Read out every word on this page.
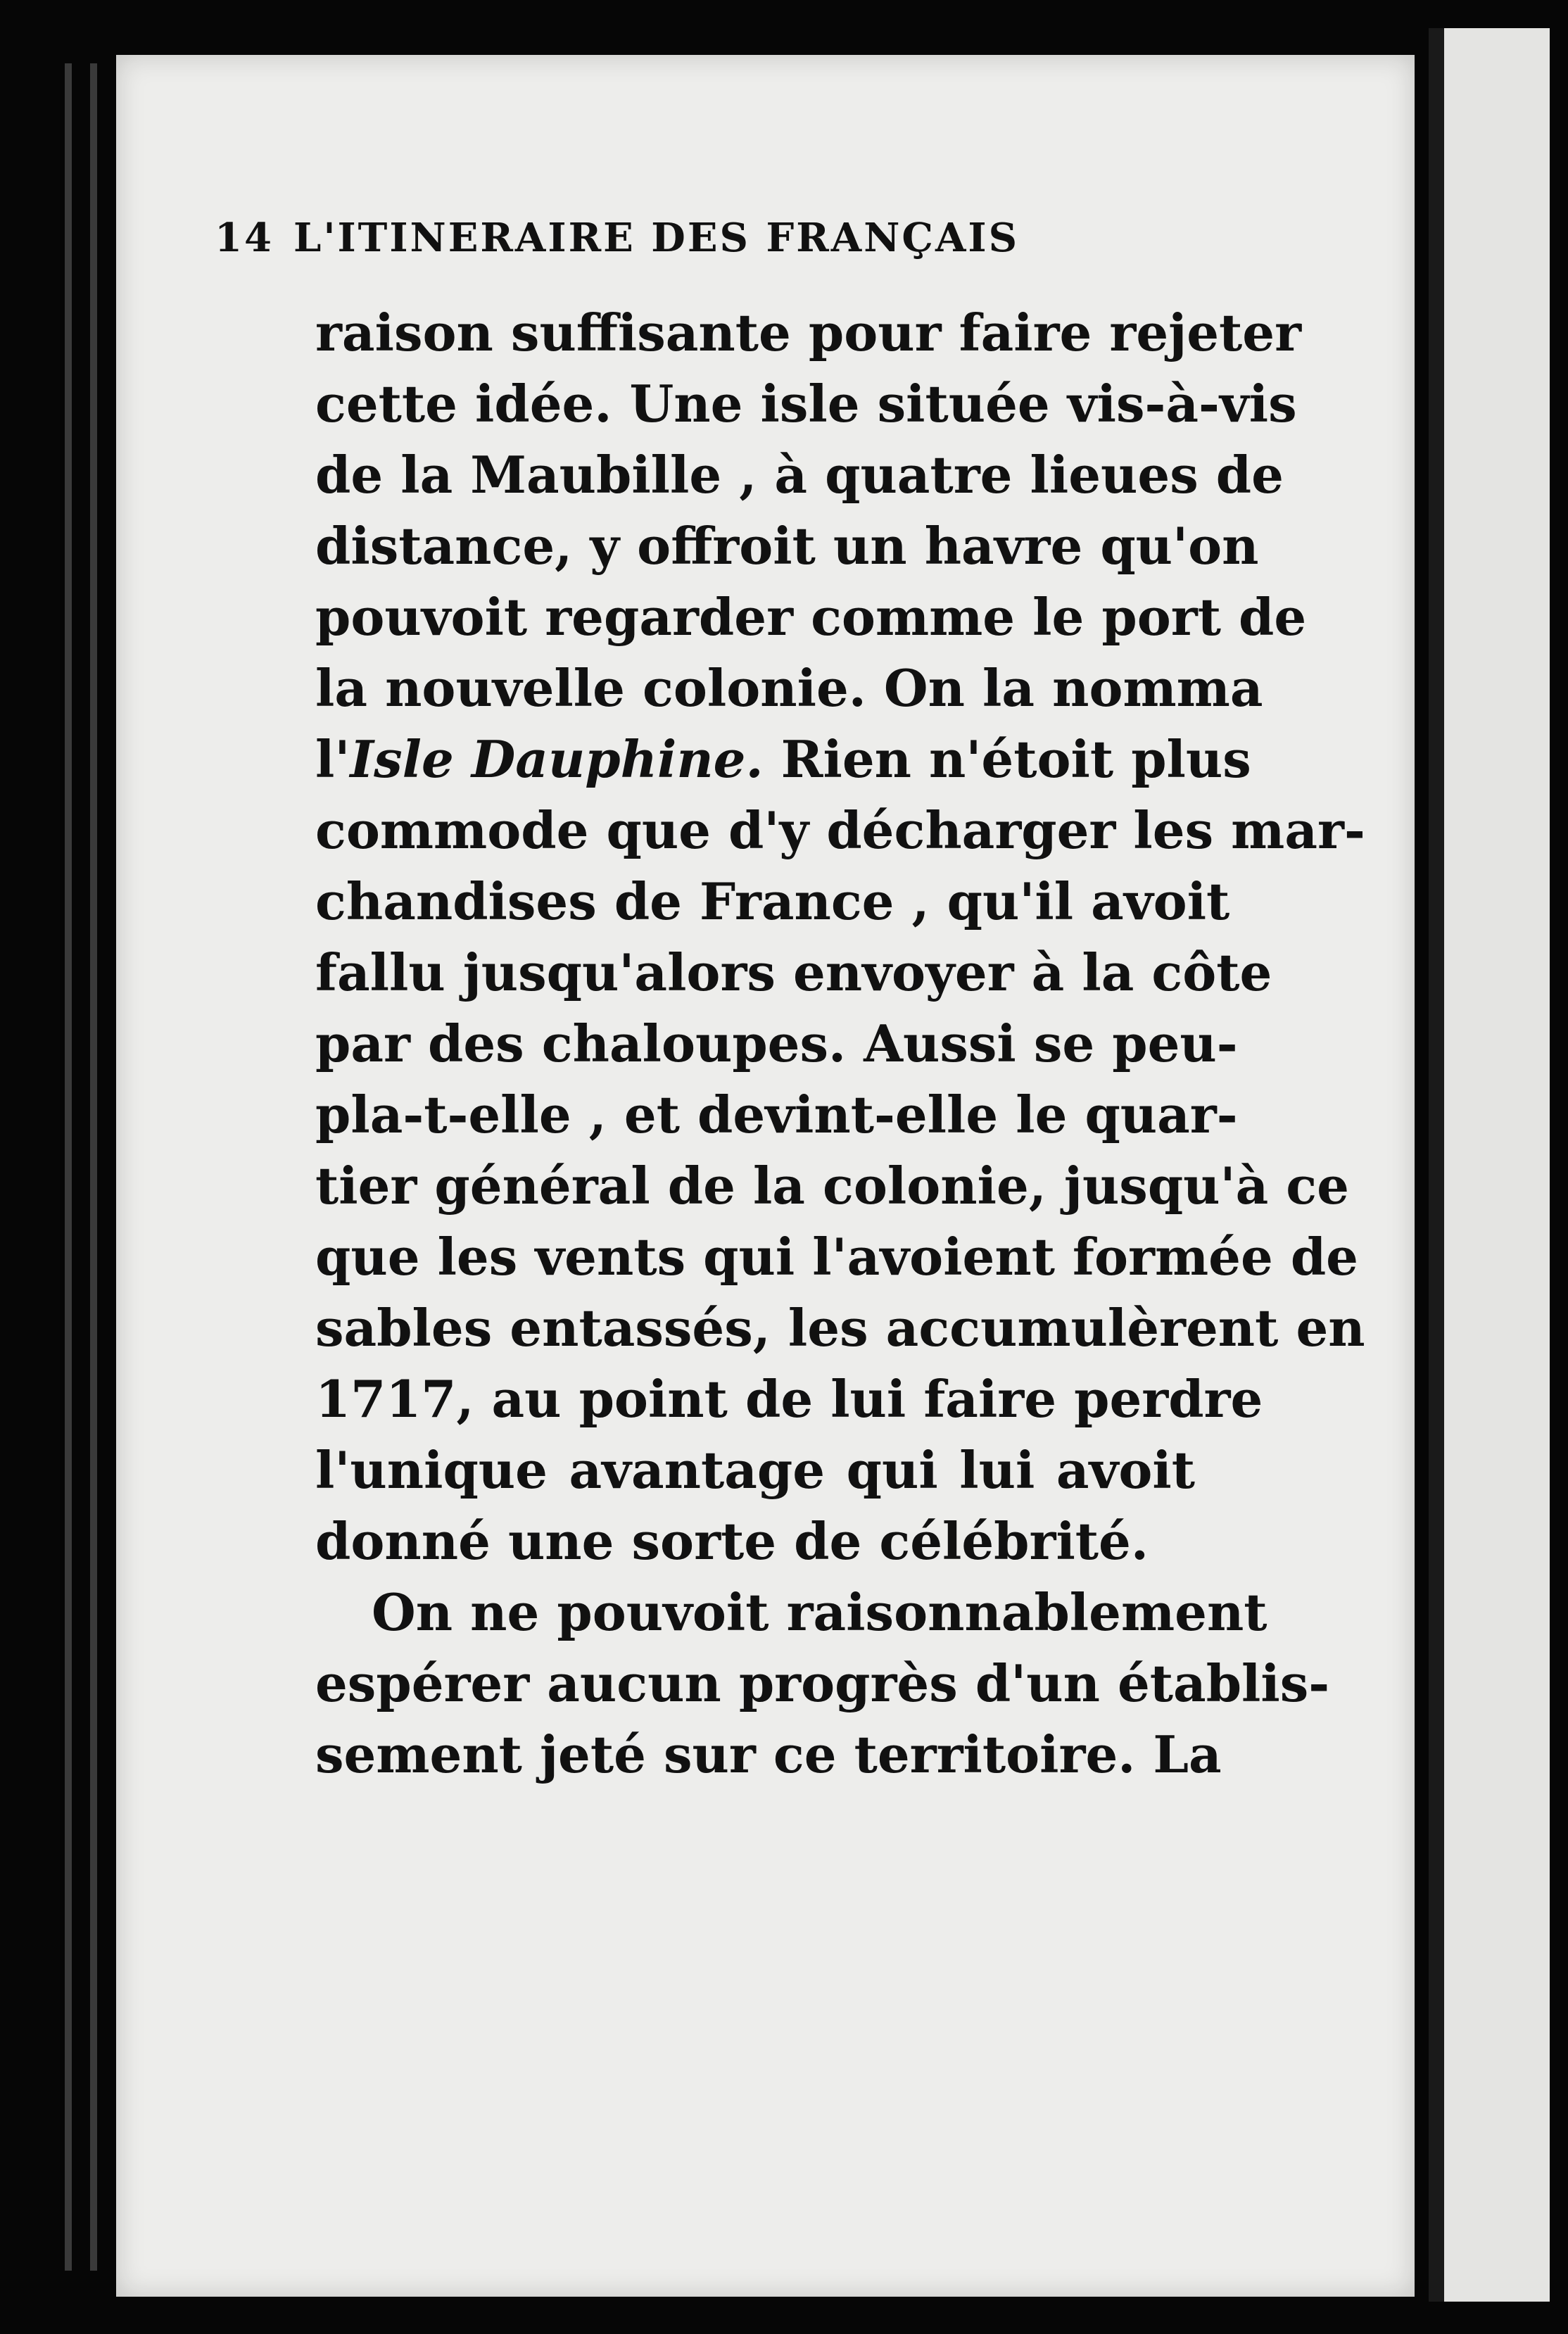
14 L'ITINERAIRE DES FRANÇAIS
raison suffisante pour faire rejeter
cette idée. Une isle située vis-à-vis
de la Maubille , à quatre lieues de
distance, y offroit un havre qu'on
pouvoit regarder comme le port de
la nouvelle colonie. On la nomma
l'Isle Dauphine. Rien n'étoit plus
commode que d'y décharger les mar-
chandises de France , qu'il avoit
fallu jusqu'alors envoyer à la côte
par des chaloupes. Aussi se peu-
pla-t-elle , et devint-elle le quar-
tier général de la colonie, jusqu'à ce
que les vents qui l'avoient formée de
sables entassés, les accumulèrent en
1717, au point de lui faire perdre
l'unique avantage qui lui avoit
donné une sorte de célébrité.
On ne pouvoit raisonnablement
espérer aucun progrès d'un établis-
sement jeté sur ce territoire. La
